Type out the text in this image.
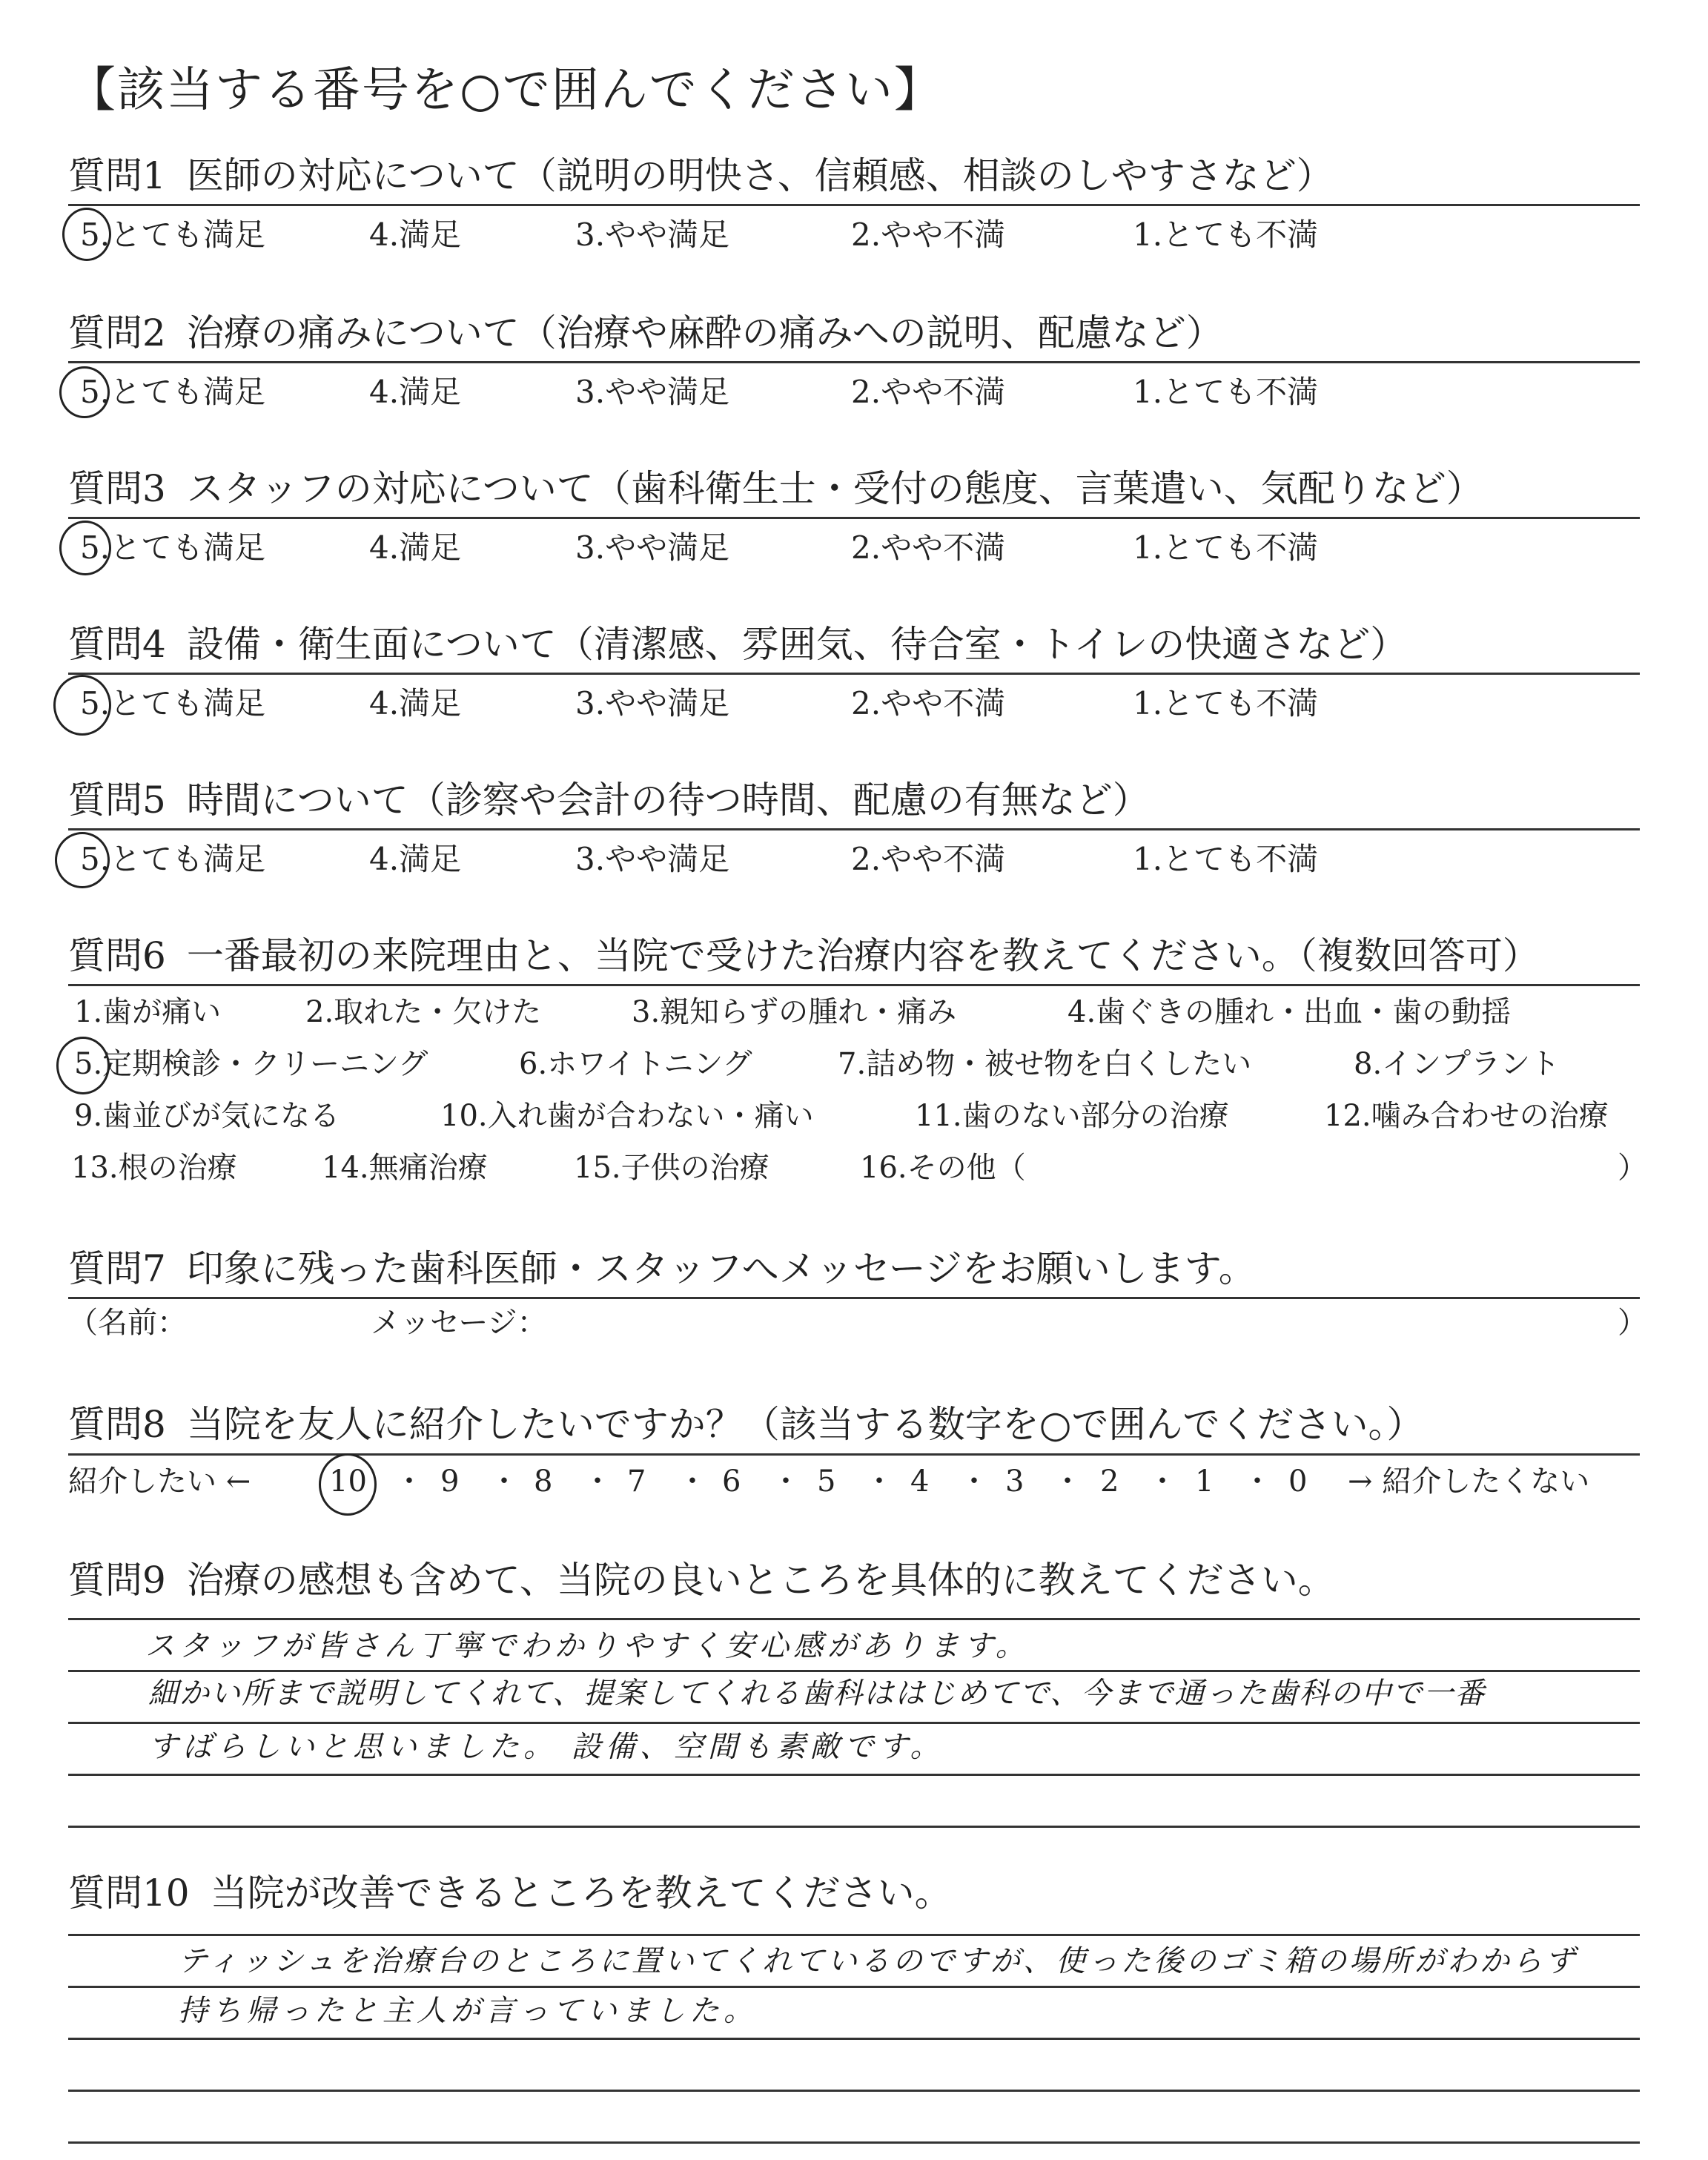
【該当する番号を○で囲んでください】
質問1 医師の対応について（説明の明快さ、信頼感、相談のしやすさなど）
5.とても満足	4.満足	3.やや満足	2.やや不満	1.とても不満
質問2 治療の痛みについて（治療や麻酔の痛みへの説明、配慮など）
5.とても満足	4.満足	3.やや満足	2.やや不満	1.とても不満
質問3 スタッフの対応について（歯科衛生士・受付の態度、言葉遣い、気配りなど）
5.とても満足	4.満足	3.やや満足	2.やや不満	1.とても不満
質問4 設備・衛生面について（清潔感、雰囲気、待合室・トイレの快適さなど）
5.とても満足	4.満足	3.やや満足	2.やや不満	1.とても不満
質問5 時間について（診察や会計の待つ時間、配慮の有無など）
5.とても満足	4.満足	3.やや満足	2.やや不満	1.とても不満
質問6 一番最初の来院理由と、当院で受けた治療内容を教えてください。（複数回答可）
1.歯が痛い	2.取れた・欠けた	3.親知らずの腫れ・痛み	4.歯ぐきの腫れ・出血・歯の動揺
5.定期検診・クリーニング	6.ホワイトニング	7.詰め物・被せ物を白くしたい	8.インプラント
9.歯並びが気になる	10.入れ歯が合わない・痛い	11.歯のない部分の治療	12.噛み合わせの治療
13.根の治療	14.無痛治療	15.子供の治療	16.その他（	）
質問7 印象に残った歯科医師・スタッフへメッセージをお願いします。
（名前：	メッセージ：	）
質問8 当院を友人に紹介したいですか？（該当する数字を○で囲んでください。）
紹介したい ←	10 ・ 9 ・ 8 ・ 7 ・ 6 ・ 5 ・ 4 ・ 3 ・ 2 ・ 1 ・ 0 → 紹介したくない
質問9 治療の感想も含めて、当院の良いところを具体的に教えてください。
スタッフが皆さん丁寧でわかりやすく安心感があります。
細かい所まで説明してくれて、提案してくれる歯科ははじめてで、今まで通った歯科の中で一番
すばらしいと思いました。 設備、空間も素敵です。
質問10 当院が改善できるところを教えてください。
ティッシュを治療台のところに置いてくれているのですが、使った後のゴミ箱の場所がわからず
持ち帰ったと主人が言っていました。
